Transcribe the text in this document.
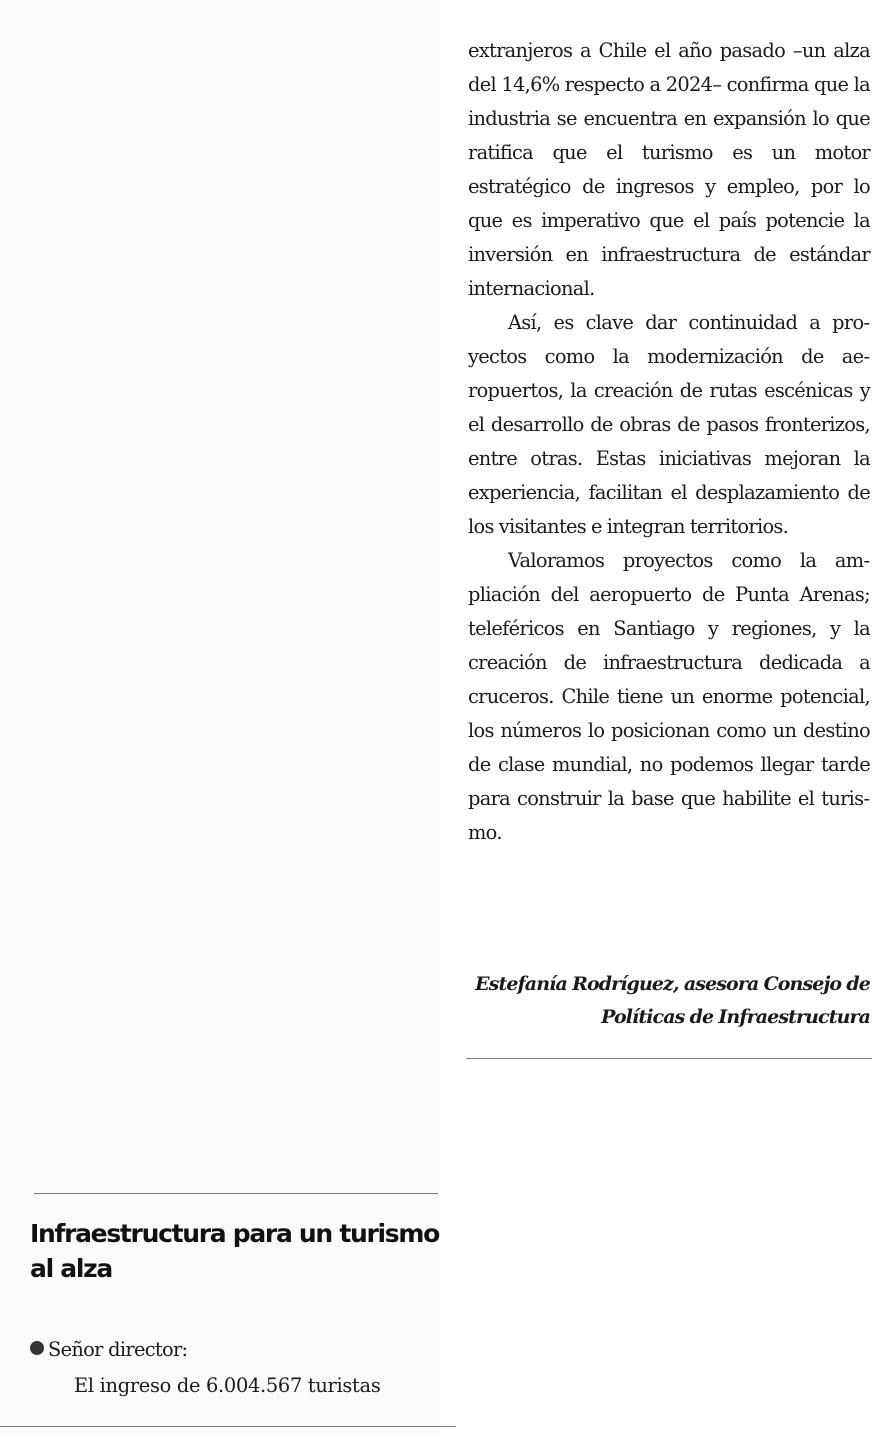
extranjeros a Chile el año pasado –un alza del 14,6% respecto a 2024– confirma que la industria se encuentra en expansión lo que ratifica que el turismo es un motor estratégico de ingresos y empleo, por lo que es imperativo que el país potencie la inversión en infraestructura de estándar internacional.

Así, es clave dar continuidad a proyectos como la modernización de aeropuertos, la creación de rutas escénicas y el desarrollo de obras de pasos fronterizos, entre otras. Estas iniciativas mejoran la experiencia, facilitan el desplazamiento de los visitantes e integran territorios.

Valoramos proyectos como la ampliación del aeropuerto de Punta Arenas; teleféricos en Santiago y regiones, y la creación de infraestructura dedicada a cruceros. Chile tiene un enorme potencial, los números lo posicionan como un destino de clase mundial, no podemos llegar tarde para construir la base que habilite el turismo.

Estefanía Rodríguez, asesora Consejo de Políticas de Infraestructura
Infraestructura para un turismo al alza
Señor director:
El ingreso de 6.004.567 turistas
